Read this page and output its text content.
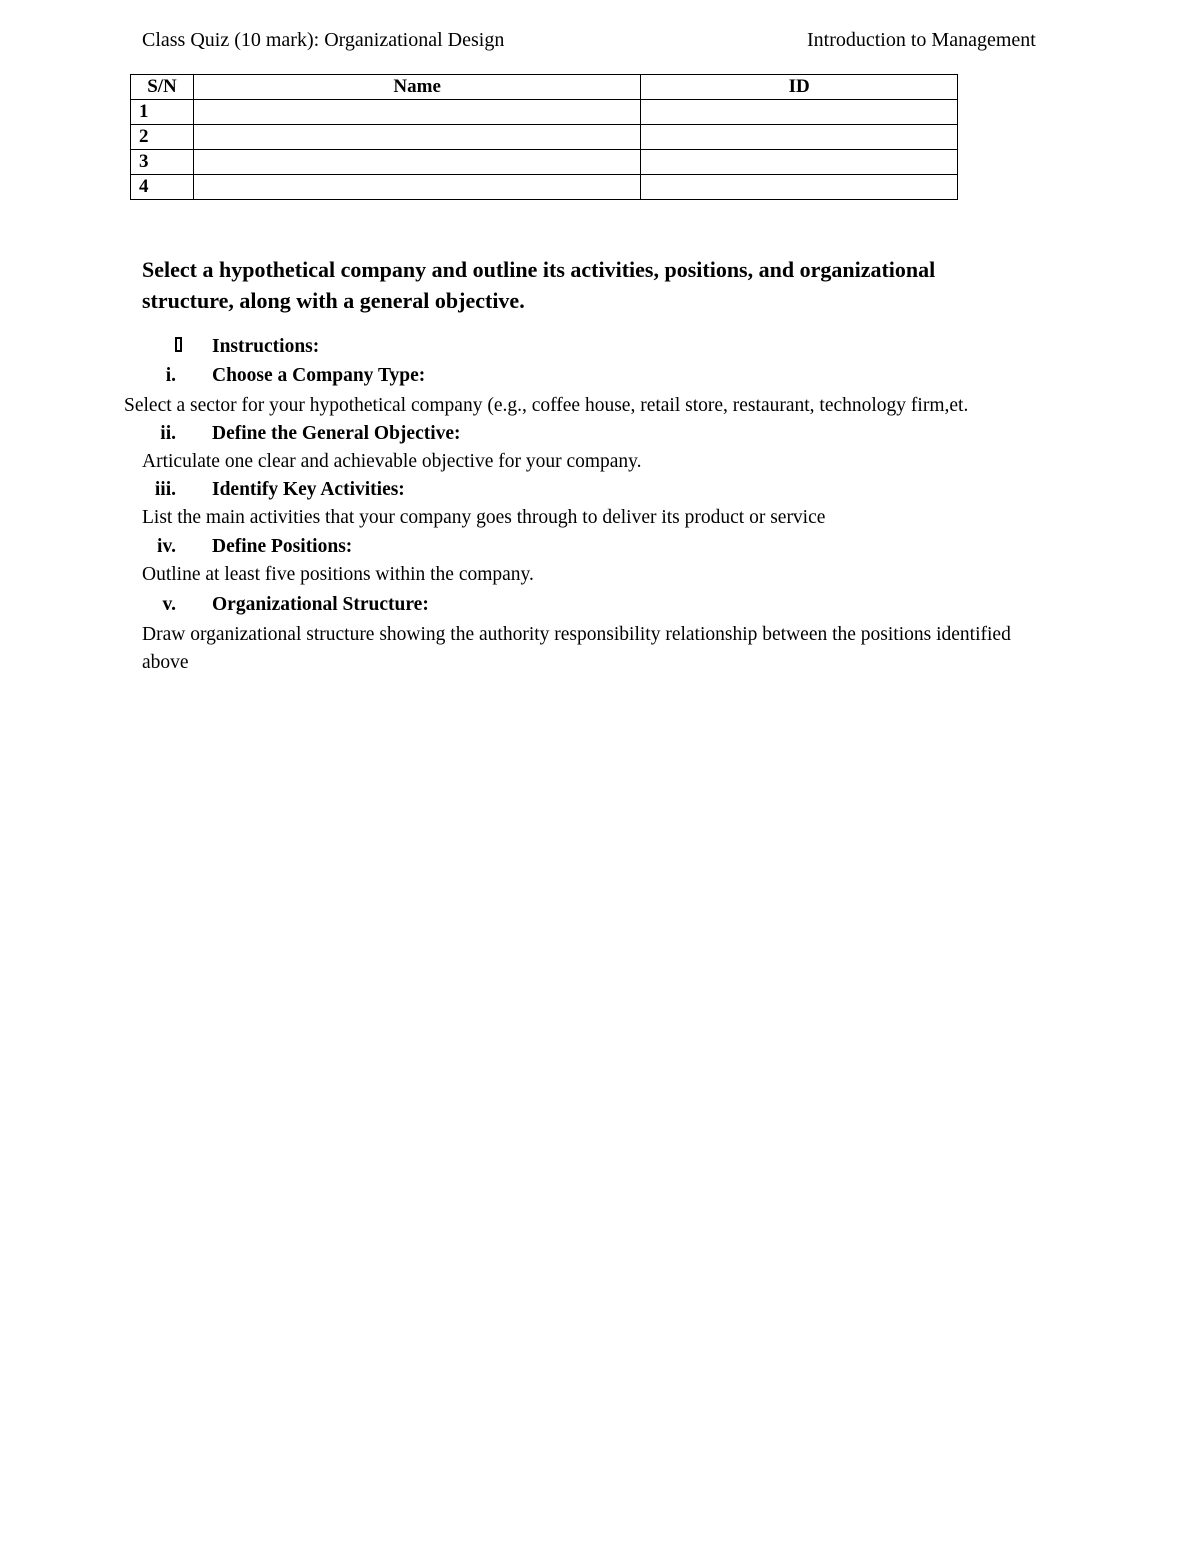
Class Quiz (10 mark): Organizational Design	Introduction to Management
S/N	Name	ID
1		
2		
3		
4		
Select a hypothetical company and outline its activities, positions, and organizational structure, along with a general objective.
Instructions:
i. Choose a Company Type:
Select a sector for your hypothetical company (e.g., coffee house, retail store, restaurant, technology firm,et.
ii. Define the General Objective:
Articulate one clear and achievable objective for your company.
iii. Identify Key Activities:
List the main activities that your company goes through to deliver its product or service
iv. Define Positions:
Outline at least five positions within the company.
v. Organizational Structure:
Draw organizational structure showing the authority responsibility relationship between the positions identified above
